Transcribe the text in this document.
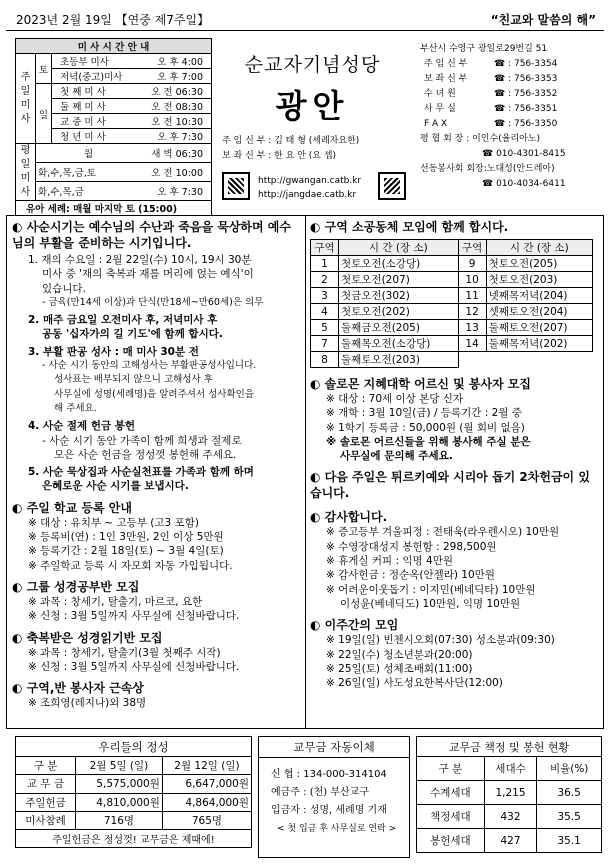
2023년 2월 19일 【연중 제7주일】	“친교와 말씀의 해”
미 사 시 간 안 내		
주일미사	토	초등부 미사 오 후 4:00

		저녁(중고)미사 오 후 7:00

	일	첫 째 미 사 오 전 06:30

		둘 째 미 사 오 전 08:30

		교 중 미 사 오 전 10:30

		청 년 미 사 오 후 7:30

평일미사	월 새 벽 06:30	

	화,수,목,금,토 오 전 10:00	

	화,수,목,금 오 후 7:30	

유아 세례: 매월 마지막 토 (15:00)		
순교자기념성당
광안
주 임 신 부 : 김 태 형 (세례자요한)
보 좌 신 부 : 한 요 안 (요 셉)
http://gwangan.catb.kr
http://jangdae.catb.kr
부산시 수영구 광일로29번길 51
주 임 신 부	☎ : 756-3354
보 좌 신 부	☎ : 756-3353
수 녀 원	☎ : 756-3352
사 무 실	☎ : 756-3351
F A X	☎ : 756-3350
평 협 회 장 : 이인수(율리아노)
☎ 010-4301-8415
선동봉사회 회장:노대성(안드레아)
☎ 010-4034-6411
◐ 사순시기는 예수님의 수난과 죽음을 묵상하며 예수님의 부활을 준비하는 시기입니다.
1. 재의 수요일 : 2월 22일(수) 10시, 19시 30분
미사 중 '재의 축복과 재를 머리에 얹는 예식'이
있습니다.
- 금육(만14세 이상)과 단식(만18세~만60세)은 의무
2. 매주 금요일 오전미사 후, 저녁미사 후
공동 '십자가의 길 기도'에 함께 합시다.
3. 부활 판공 성사 : 매 미사 30분 전
- 사순 시기 동안의 고해성사는 부활판공성사입니다.
성사표는 배부되지 않으니 고해성사 후
사무실에 성명(세례명)을 알려주셔서 성사확인을
해 주세요.
4. 사순 절제 헌금 봉헌
- 사순 시기 동안 가족이 함께 희생과 절제로
모은 사순 헌금을 정성껏 봉헌해 주세요.
5. 사순 묵상집과 사순실천표를 가족과 함께 하며
은혜로운 사순 시기를 보냅시다.
◐ 주일 학교 등록 안내
※ 대상 : 유치부 ~ 고등부 (고3 포함)
※ 등록비(연) : 1인 3만원, 2인 이상 5만원
※ 등록기간 : 2월 18일(토) ~ 3월 4일(토)
※ 주일학교 등록 시 자모회 자동 가입됩니다.
◐ 그룹 성경공부반 모집
※ 과목 : 창세기, 탈출기, 마르코, 요한
※ 신청 : 3월 5일까지 사무실에 신청바랍니다.
◐ 축복받은 성경읽기반 모집
※ 과목 : 창세기, 탈출기(3월 첫째주 시작)
※ 신청 : 3월 5일까지 사무실에 신청바랍니다.
◐ 구역,반 봉사자 근속상
※ 조희영(레지나)외 38명
◐ 구역 소공동체 모임에 함께 합시다.
구역	시 간 (장 소)	구역	시 간 (장 소)
1	첫토오전(소강당)	9	첫토오전(205)
2	첫토오전(207)	10	첫토오전(203)
3	첫금오전(302)	11	넷째목저녁(204)
4	첫토오전(202)	12	셋째토오전(204)
5	둘째금오전(205)	13	둘째토오전(207)
7	둘째목오전(소강당)	14	둘째목저녁(202)
8	둘째토오전(203)		
◐ 솔로몬 지혜대학 어르신 및 봉사자 모집
※ 대상 : 70세 이상 본당 신자
※ 개학 : 3월 10일(금) / 등록기간 : 2월 중
※ 1학기 등록금 : 50,000원 (월 회비 없음)
※ 솔로몬 어르신들을 위해 봉사해 주실 분은
사무실에 문의해 주세요.
◐ 다음 주일은 튀르키예와 시리아 돕기 2차헌금이 있습니다.
◐ 감사합니다.
※ 증고등부 겨울피정 : 전태욱(라우렌시오) 10만원
※ 수영장대성지 봉헌함 : 298,500원
※ 휴게실 커피 : 익명 4만원
※ 감사헌금 : 정순옥(안젤라) 10만원
※ 어려운이웃돕기 : 이지민(베네딕타) 10만원
이성윤(베네딕도) 10만원, 익명 10만원
◐ 이주간의 모임
※ 19일(일) 빈첸시오회(07:30) 성소분과(09:30)
※ 22일(수) 청소년분과(20:00)
※ 25일(토) 성체조배회(11:00)
※ 26일(일) 사도성요한복사단(12:00)
우리들의 정성		
구 분	2월 5일 (일)	2월 12일 (일)
교 무 금	5,575,000원	6,647,000원
주일헌금	4,810,000원	4,864,000원
미사참례	716명	765명
주일헌금은 정성껏! 교무금은 제때에!		
교무금 자동이체
신 협 : 134-000-314104
예금주 : (천) 부산교구
입금자 : 성명, 세례명 기재
< 첫 입금 후 사무실로 연락 >
교무금 책정 및 봉헌 현황		
구 분	세대수	비율(%)
수계세대	1,215	36.5
책정세대	432	35.5
봉헌세대	427	35.1
